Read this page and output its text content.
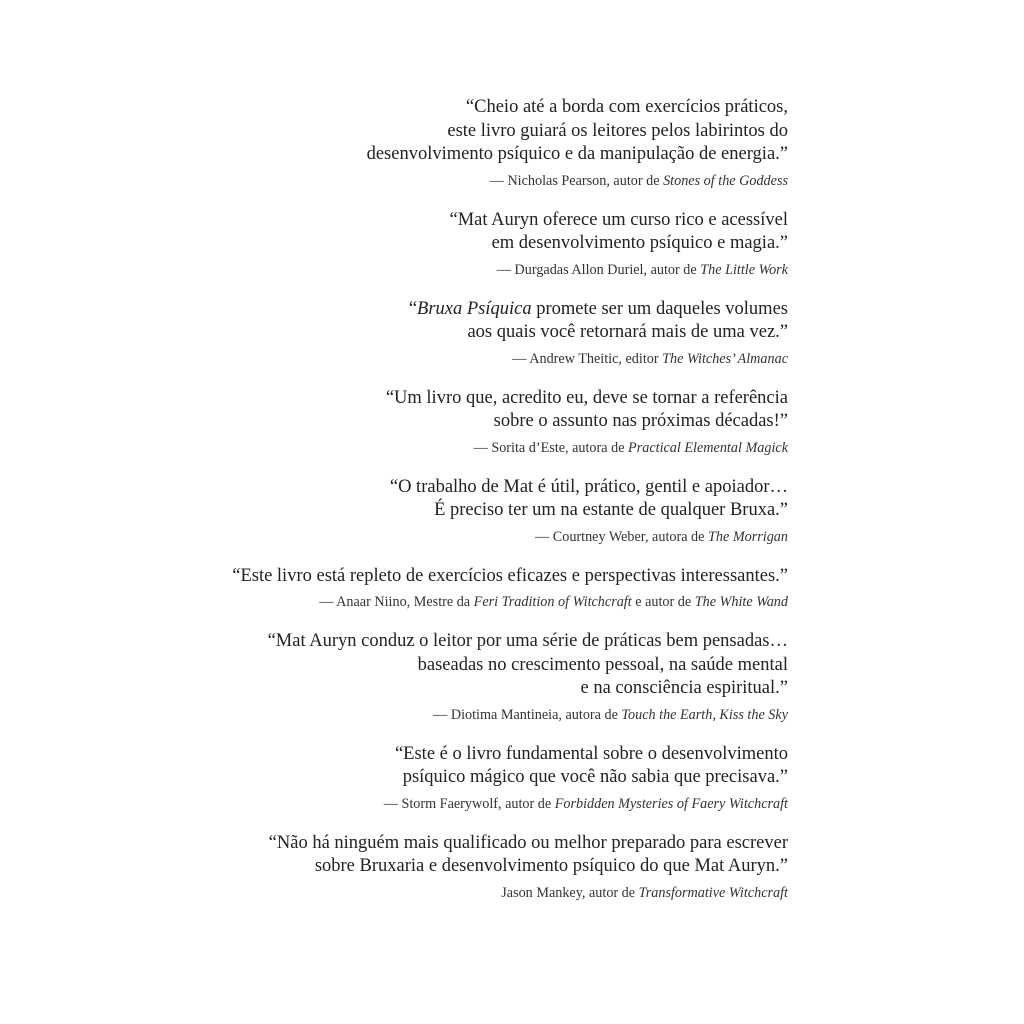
“Cheio até a borda com exercícios práticos,
este livro guiará os leitores pelos labirintos do
desenvolvimento psíquico e da manipulação de energia.”
— Nicholas Pearson, autor de Stones of the Goddess
“Mat Auryn oferece um curso rico e acessível
em desenvolvimento psíquico e magia.”
— Durgadas Allon Duriel, autor de The Little Work
“Bruxa Psíquica promete ser um daqueles volumes
aos quais você retornará mais de uma vez.”
— Andrew Theitic, editor The Witches’ Almanac
“Um livro que, acredito eu, deve se tornar a referência
sobre o assunto nas próximas décadas!”
— Sorita d’Este, autora de Practical Elemental Magick
“O trabalho de Mat é útil, prático, gentil e apoiador…
É preciso ter um na estante de qualquer Bruxa.”
— Courtney Weber, autora de The Morrigan
“Este livro está repleto de exercícios eficazes e perspectivas interessantes.”
— Anaar Niino, Mestre da Feri Tradition of Witchcraft e autor de The White Wand
“Mat Auryn conduz o leitor por uma série de práticas bem pensadas…
baseadas no crescimento pessoal, na saúde mental
e na consciência espiritual.”
— Diotima Mantineia, autora de Touch the Earth, Kiss the Sky
“Este é o livro fundamental sobre o desenvolvimento
psíquico mágico que você não sabia que precisava.”
— Storm Faerywolf, autor de Forbidden Mysteries of Faery Witchcraft
“Não há ninguém mais qualificado ou melhor preparado para escrever
sobre Bruxaria e desenvolvimento psíquico do que Mat Auryn.”
Jason Mankey, autor de Transformative Witchcraft
